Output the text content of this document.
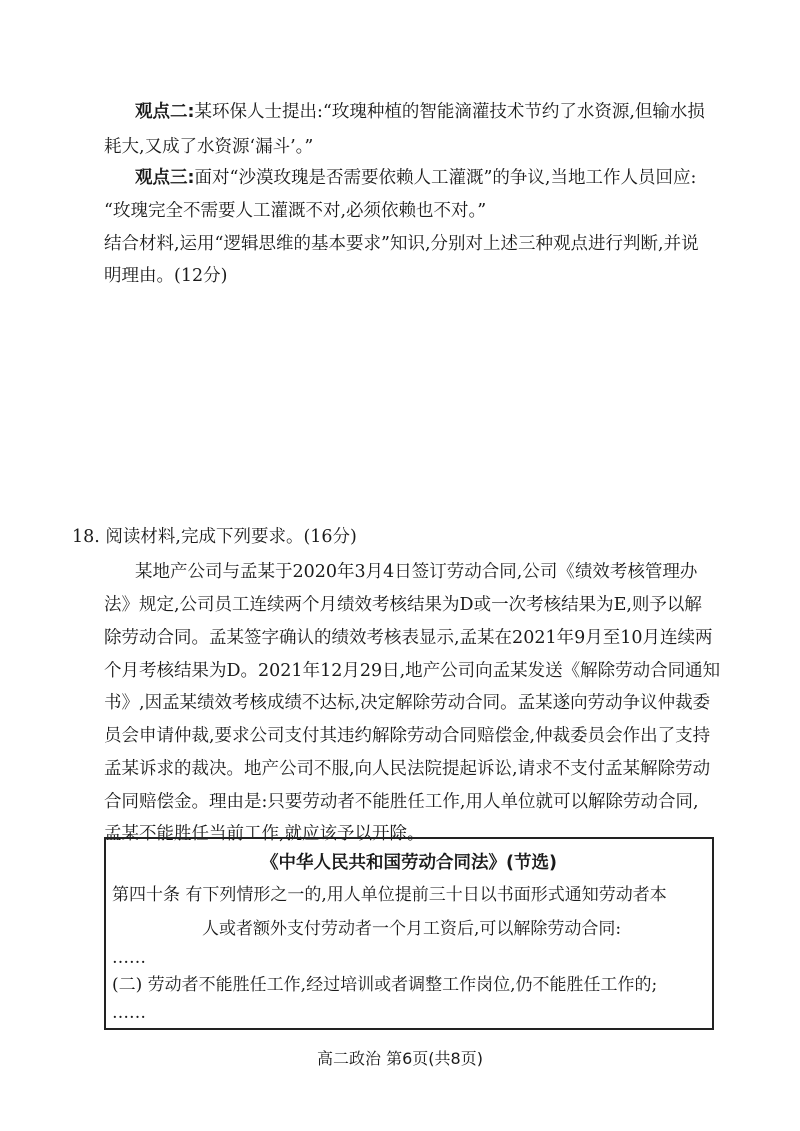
观点二:某环保人士提出:“玫瑰种植的智能滴灌技术节约了水资源,但输水损
耗大,又成了水资源‘漏斗’。”
观点三:面对“沙漠玫瑰是否需要依赖人工灌溉”的争议,当地工作人员回应:
“玫瑰完全不需要人工灌溉不对,必须依赖也不对。”
结合材料,运用“逻辑思维的基本要求”知识,分别对上述三种观点进行判断,并说
明理由。(12分)
18. 阅读材料,完成下列要求。(16分)
某地产公司与孟某于2020年3月4日签订劳动合同,公司《绩效考核管理办
法》规定,公司员工连续两个月绩效考核结果为D或一次考核结果为E,则予以解
除劳动合同。孟某签字确认的绩效考核表显示,孟某在2021年9月至10月连续两
个月考核结果为D。2021年12月29日,地产公司向孟某发送《解除劳动合同通知
书》,因孟某绩效考核成绩不达标,决定解除劳动合同。孟某遂向劳动争议仲裁委
员会申请仲裁,要求公司支付其违约解除劳动合同赔偿金,仲裁委员会作出了支持
孟某诉求的裁决。地产公司不服,向人民法院提起诉讼,请求不支付孟某解除劳动
合同赔偿金。理由是:只要劳动者不能胜任工作,用人单位就可以解除劳动合同,
孟某不能胜任当前工作,就应该予以开除。
《中华人民共和国劳动合同法》(节选)
第四十条 有下列情形之一的,用人单位提前三十日以书面形式通知劳动者本
人或者额外支付劳动者一个月工资后,可以解除劳动合同:
……
(二) 劳动者不能胜任工作,经过培训或者调整工作岗位,仍不能胜任工作的;
……
高二政治 第6页(共8页)
